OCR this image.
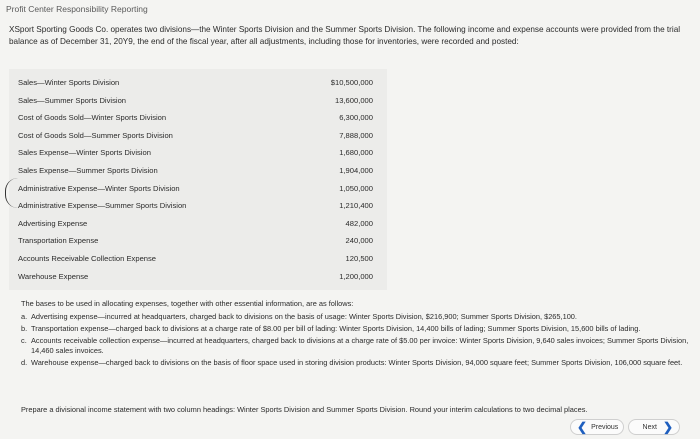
Profit Center Responsibility Reporting
XSport Sporting Goods Co. operates two divisions—the Winter Sports Division and the Summer Sports Division. The following income and expense accounts were provided from the trial balance as of December 31, 20Y9, the end of the fiscal year, after all adjustments, including those for inventories, were recorded and posted:
Sales—Winter Sports Division	$10,500,000
Sales—Summer Sports Division	13,600,000
Cost of Goods Sold—Winter Sports Division	6,300,000
Cost of Goods Sold—Summer Sports Division	7,888,000
Sales Expense—Winter Sports Division	1,680,000
Sales Expense—Summer Sports Division	1,904,000
Administrative Expense—Winter Sports Division	1,050,000
Administrative Expense—Summer Sports Division	1,210,400
Advertising Expense	482,000
Transportation Expense	240,000
Accounts Receivable Collection Expense	120,500
Warehouse Expense	1,200,000
The bases to be used in allocating expenses, together with other essential information, are as follows:
a. Advertising expense—incurred at headquarters, charged back to divisions on the basis of usage: Winter Sports Division, $216,900; Summer Sports Division, $265,100.
b. Transportation expense—charged back to divisions at a charge rate of $8.00 per bill of lading: Winter Sports Division, 14,400 bills of lading; Summer Sports Division, 15,600 bills of lading.
c. Accounts receivable collection expense—incurred at headquarters, charged back to divisions at a charge rate of $5.00 per invoice: Winter Sports Division, 9,640 sales invoices; Summer Sports Division, 14,460 sales invoices.
d. Warehouse expense—charged back to divisions on the basis of floor space used in storing division products: Winter Sports Division, 94,000 square feet; Summer Sports Division, 106,000 square feet.
Prepare a divisional income statement with two column headings: Winter Sports Division and Summer Sports Division. Round your interim calculations to two decimal places.
❮ Previous	Next ❯
